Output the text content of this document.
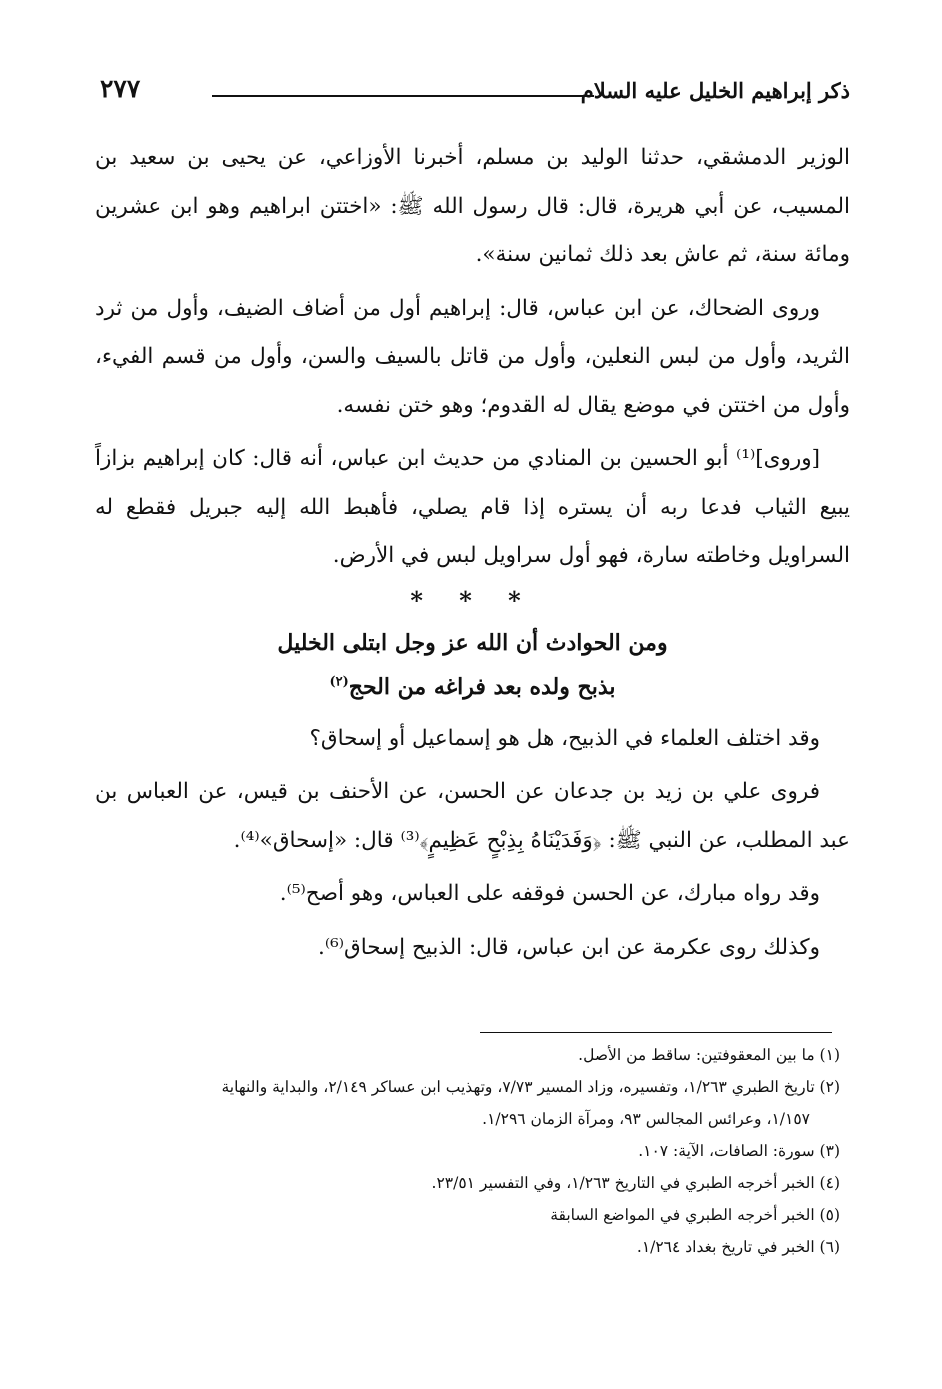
ذكر إبراهيم الخليل عليه السلام
٢٧٧

الوزير الدمشقي، حدثنا الوليد بن مسلم، أخبرنا الأوزاعي، عن يحيى بن سعيد بن المسيب، عن أبي هريرة، قال: قال رسول الله ﷺ: «اختتن ابراهيم وهو ابن عشرين ومائة سنة، ثم عاش بعد ذلك ثمانين سنة».

وروى الضحاك، عن ابن عباس، قال: إبراهيم أول من أضاف الضيف، وأول من ثرد الثريد، وأول من لبس النعلين، وأول من قاتل بالسيف والسن، وأول من قسم الفيء، وأول من اختتن في موضع يقال له القدوم؛ وهو ختن نفسه.

[وروى]⁽¹⁾ أبو الحسين بن المنادي من حديث ابن عباس، أنه قال: كان إبراهيم بزازاً يبيع الثياب فدعا ربه أن يستره إذا قام يصلي، فأهبط الله إليه جبريل فقطع له السراويل وخاطته سارة، فهو أول سراويل لبس في الأرض.

* * *
ومن الحوادث أن الله عز وجل ابتلى الخليل
بذبح ولده بعد فراغه من الحج$^{(٢)}$

وقد اختلف العلماء في الذبيح، هل هو إسماعيل أو إسحاق؟

فروى علي بن زيد بن جدعان عن الحسن، عن الأحنف بن قيس، عن العباس بن عبد المطلب، عن النبي ﷺ: ﴿وَفَدَيْنَاهُ بِذِبْحٍ عَظِيمٍ﴾⁽³⁾ قال: «إسحاق»⁽⁴⁾.

وقد رواه مبارك، عن الحسن فوقفه على العباس، وهو أصح⁽⁵⁾.

وكذلك روى عكرمة عن ابن عباس، قال: الذبيح إسحاق⁽⁶⁾.

(١) ما بين المعقوفتين: ساقط من الأصل.

(٢) تاريخ الطبري ١/٢٦٣، وتفسيره، وزاد المسير ٧/٧٣، وتهذيب ابن عساكر ٢/١٤٩، والبداية والنهاية

١/١٥٧، وعرائس المجالس ٩٣، ومرآة الزمان ١/٢٩٦.

(٣) سورة: الصافات، الآية: ١٠٧.

(٤) الخبر أخرجه الطبري في التاريخ ١/٢٦٣، وفي التفسير ٢٣/٥١.

(٥) الخبر أخرجه الطبري في المواضع السابقة

(٦) الخبر في تاريخ بغداد ١/٢٦٤.
